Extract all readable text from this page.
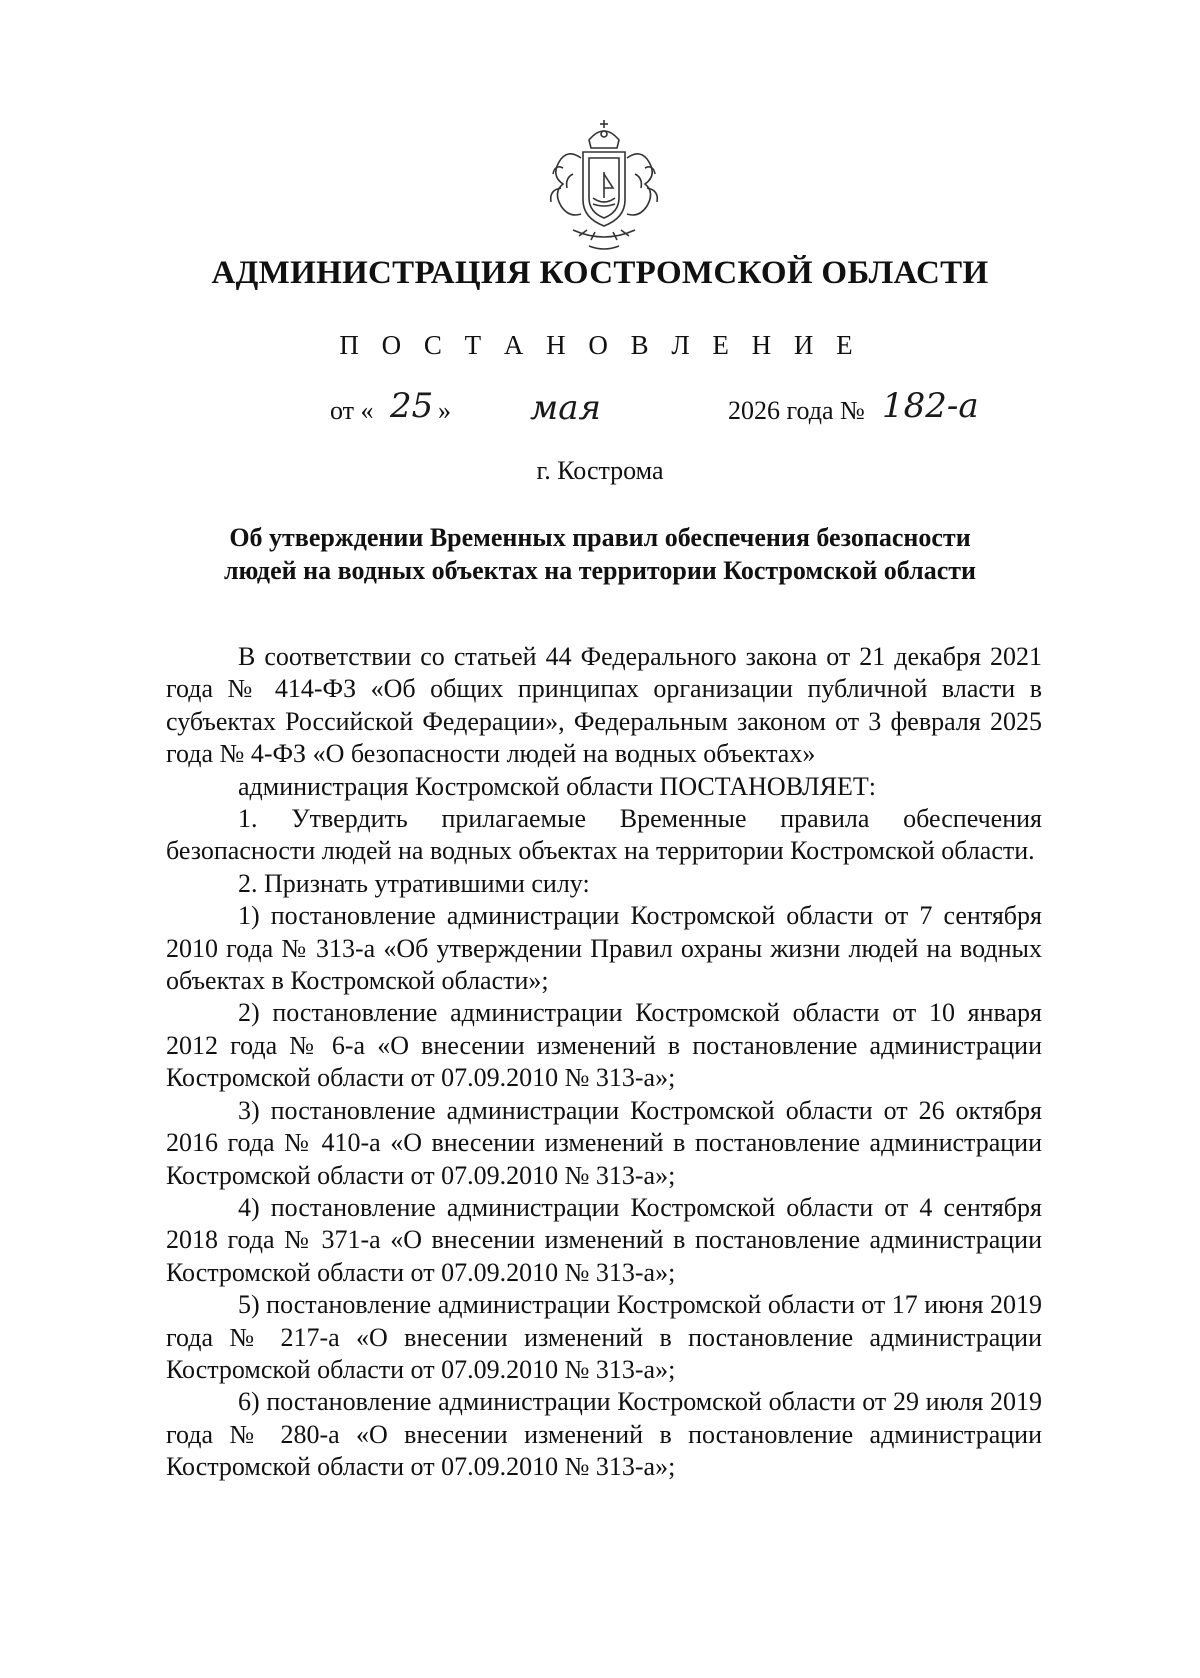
АДМИНИСТРАЦИЯ КОСТРОМСКОЙ ОБЛАСТИ
П О С Т А Н О В Л Е Н И Е
от « 25 » мая	2026 года № 182-а
г. Кострома
Об утверждении Временных правил обеспечения безопасности
людей на водных объектах на территории Костромской области

В соответствии со статьей 44 Федерального закона от 21 декабря 2021 года № 414-ФЗ «Об общих принципах организации публичной власти в субъектах Российской Федерации», Федеральным законом от 3 февраля 2025 года № 4-ФЗ «О безопасности людей на водных объектах»

администрация Костромской области ПОСТАНОВЛЯЕТ:

1. Утвердить прилагаемые Временные правила обеспечения безопасности людей на водных объектах на территории Костромской области.

2. Признать утратившими силу:

1) постановление администрации Костромской области от 7 сентября 2010 года № 313-а «Об утверждении Правил охраны жизни людей на водных объектах в Костромской области»;

2) постановление администрации Костромской области от 10 января 2012 года № 6-а «О внесении изменений в постановление администрации Костромской области от 07.09.2010 № 313-а»;

3) постановление администрации Костромской области от 26 октября 2016 года № 410-а «О внесении изменений в постановление администрации Костромской области от 07.09.2010 № 313-а»;

4) постановление администрации Костромской области от 4 сентября 2018 года № 371-а «О внесении изменений в постановление администрации Костромской области от 07.09.2010 № 313-а»;

5) постановление администрации Костромской области от 17 июня 2019 года № 217-а «О внесении изменений в постановление администрации Костромской области от 07.09.2010 № 313-а»;

6) постановление администрации Костромской области от 29 июля 2019 года № 280-а «О внесении изменений в постановление администрации Костромской области от 07.09.2010 № 313-а»;
